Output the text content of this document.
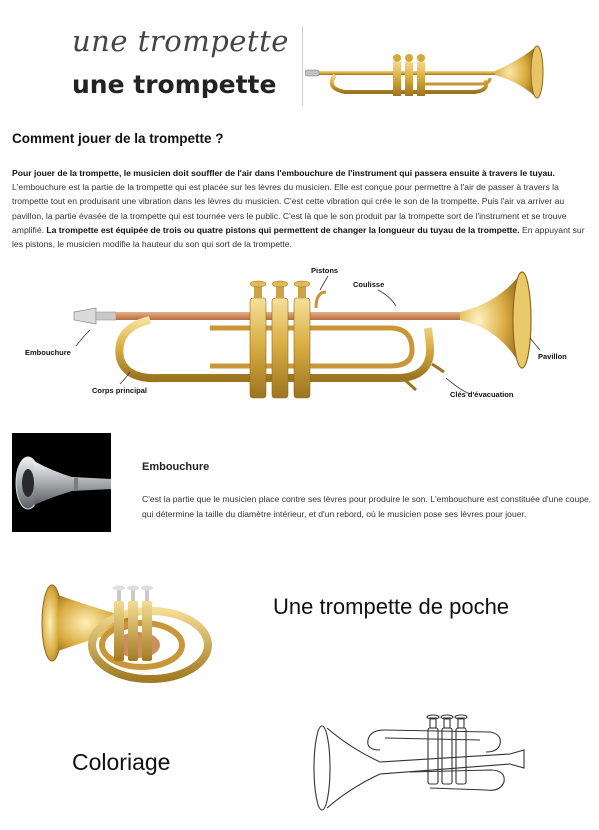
une trompette
une trompette
Comment jouer de la trompette ?
Pour jouer de la trompette, le musicien doit souffler de l'air dans l'embouchure de l'instrument qui passera ensuite à travers le tuyau. L'embouchure est la partie de la trompette qui est placée sur les lèvres du musicien. Elle est conçue pour permettre à l'air de passer à travers la trompette tout en produisant une vibration dans les lèvres du musicien. C'est cette vibration qui crée le son de la trompette. Puis l'air va arriver au pavillon, la partie évasée de la trompette qui est tournée vers le public. C'est là que le son produit par la trompette sort de l'instrument et se trouve amplifié. La trompette est équipée de trois ou quatre pistons qui permettent de changer la longueur du tuyau de la trompette. En appuyant sur les pistons, le musicien modifie la hauteur du son qui sort de la trompette.
Pistons
Coulisse
Embouchure	Pavillon
Corps principal	Clés d'évacuation
Embouchure
C'est la partie que le musicien place contre ses lèvres pour produire le son. L'embouchure est constituée d'une coupe, qui détermine la taille du diamètre intérieur, et d'un rebord, où le musicien pose ses lèvres pour jouer.
Une trompette de poche
Coloriage
